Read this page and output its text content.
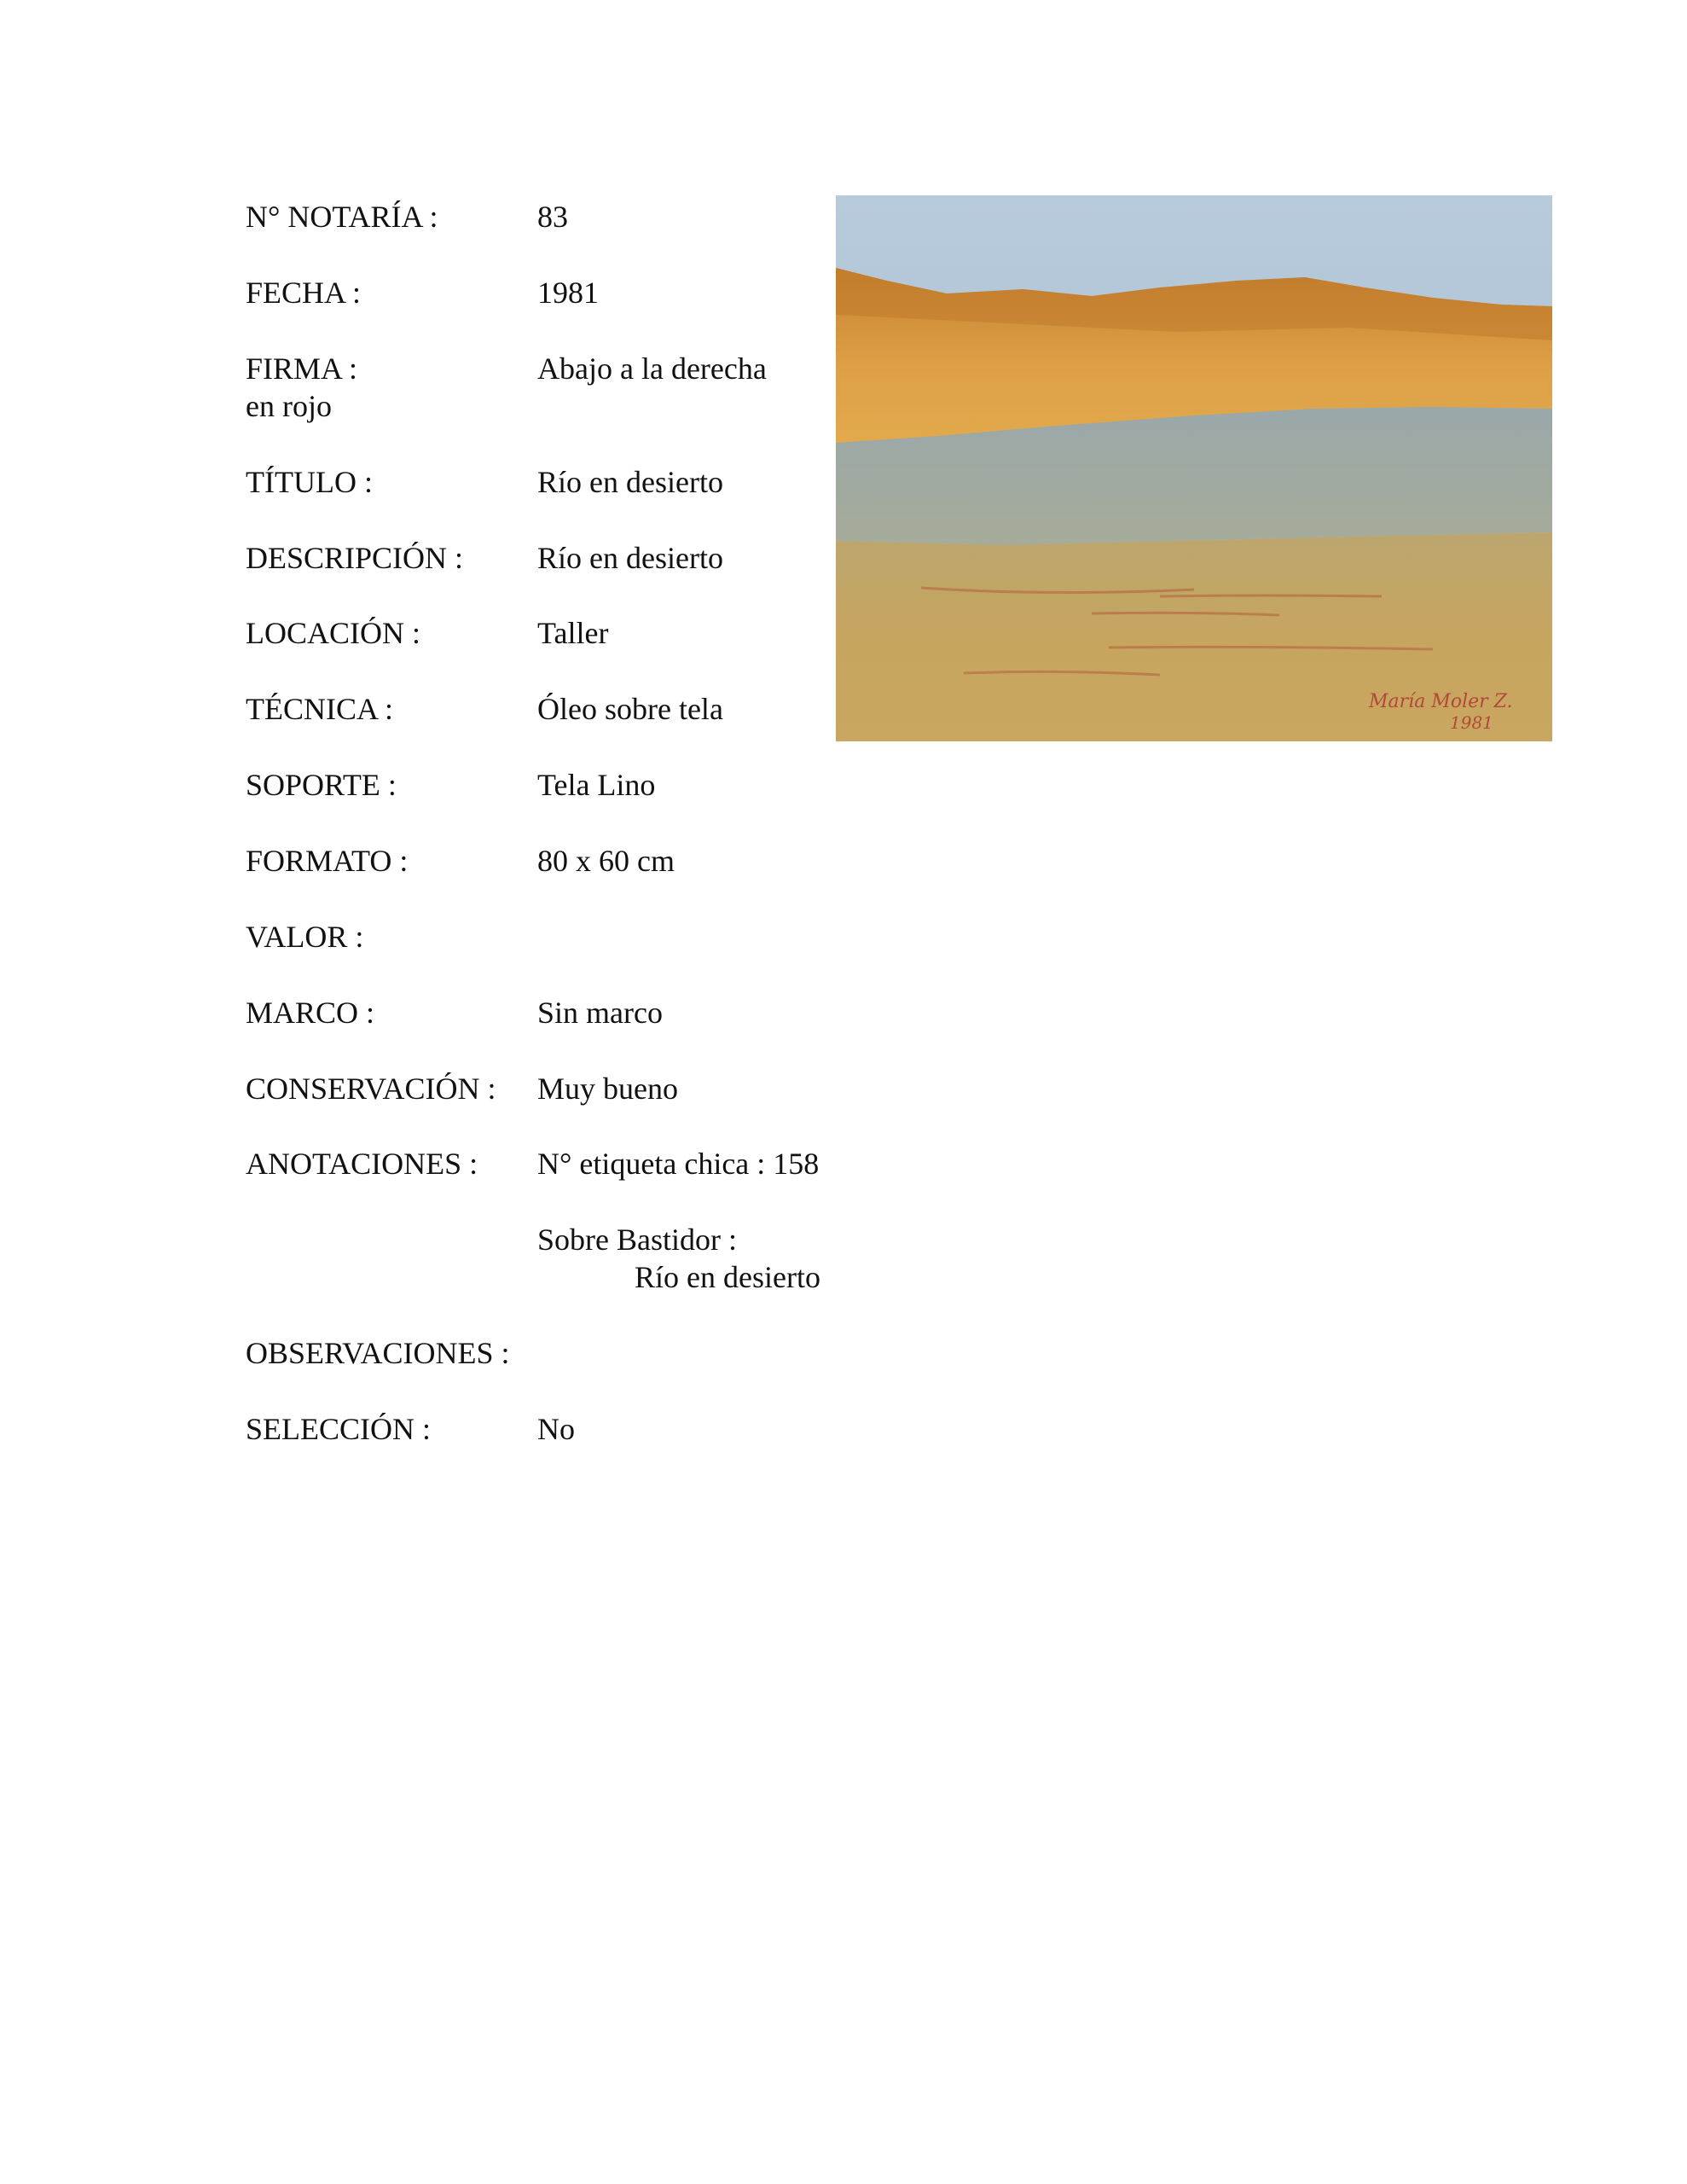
N° NOTARÍA :	83
FECHA :	1981
FIRMA :	Abajo a la derecha
en rojo
TÍTULO :	Río en desierto
DESCRIPCIÓN : Río en desierto
LOCACIÓN :	Taller
TÉCNICA :	Óleo sobre tela
SOPORTE :	Tela Lino
FORMATO :	80 x 60 cm
VALOR :
MARCO :	Sin marco
CONSERVACIÓN : Muy bueno
ANOTACIONES : N° etiqueta chica : 158
Sobre Bastidor :
Río en desierto
OBSERVACIONES :
SELECCIÓN :	No
María Moler Z.
1981
